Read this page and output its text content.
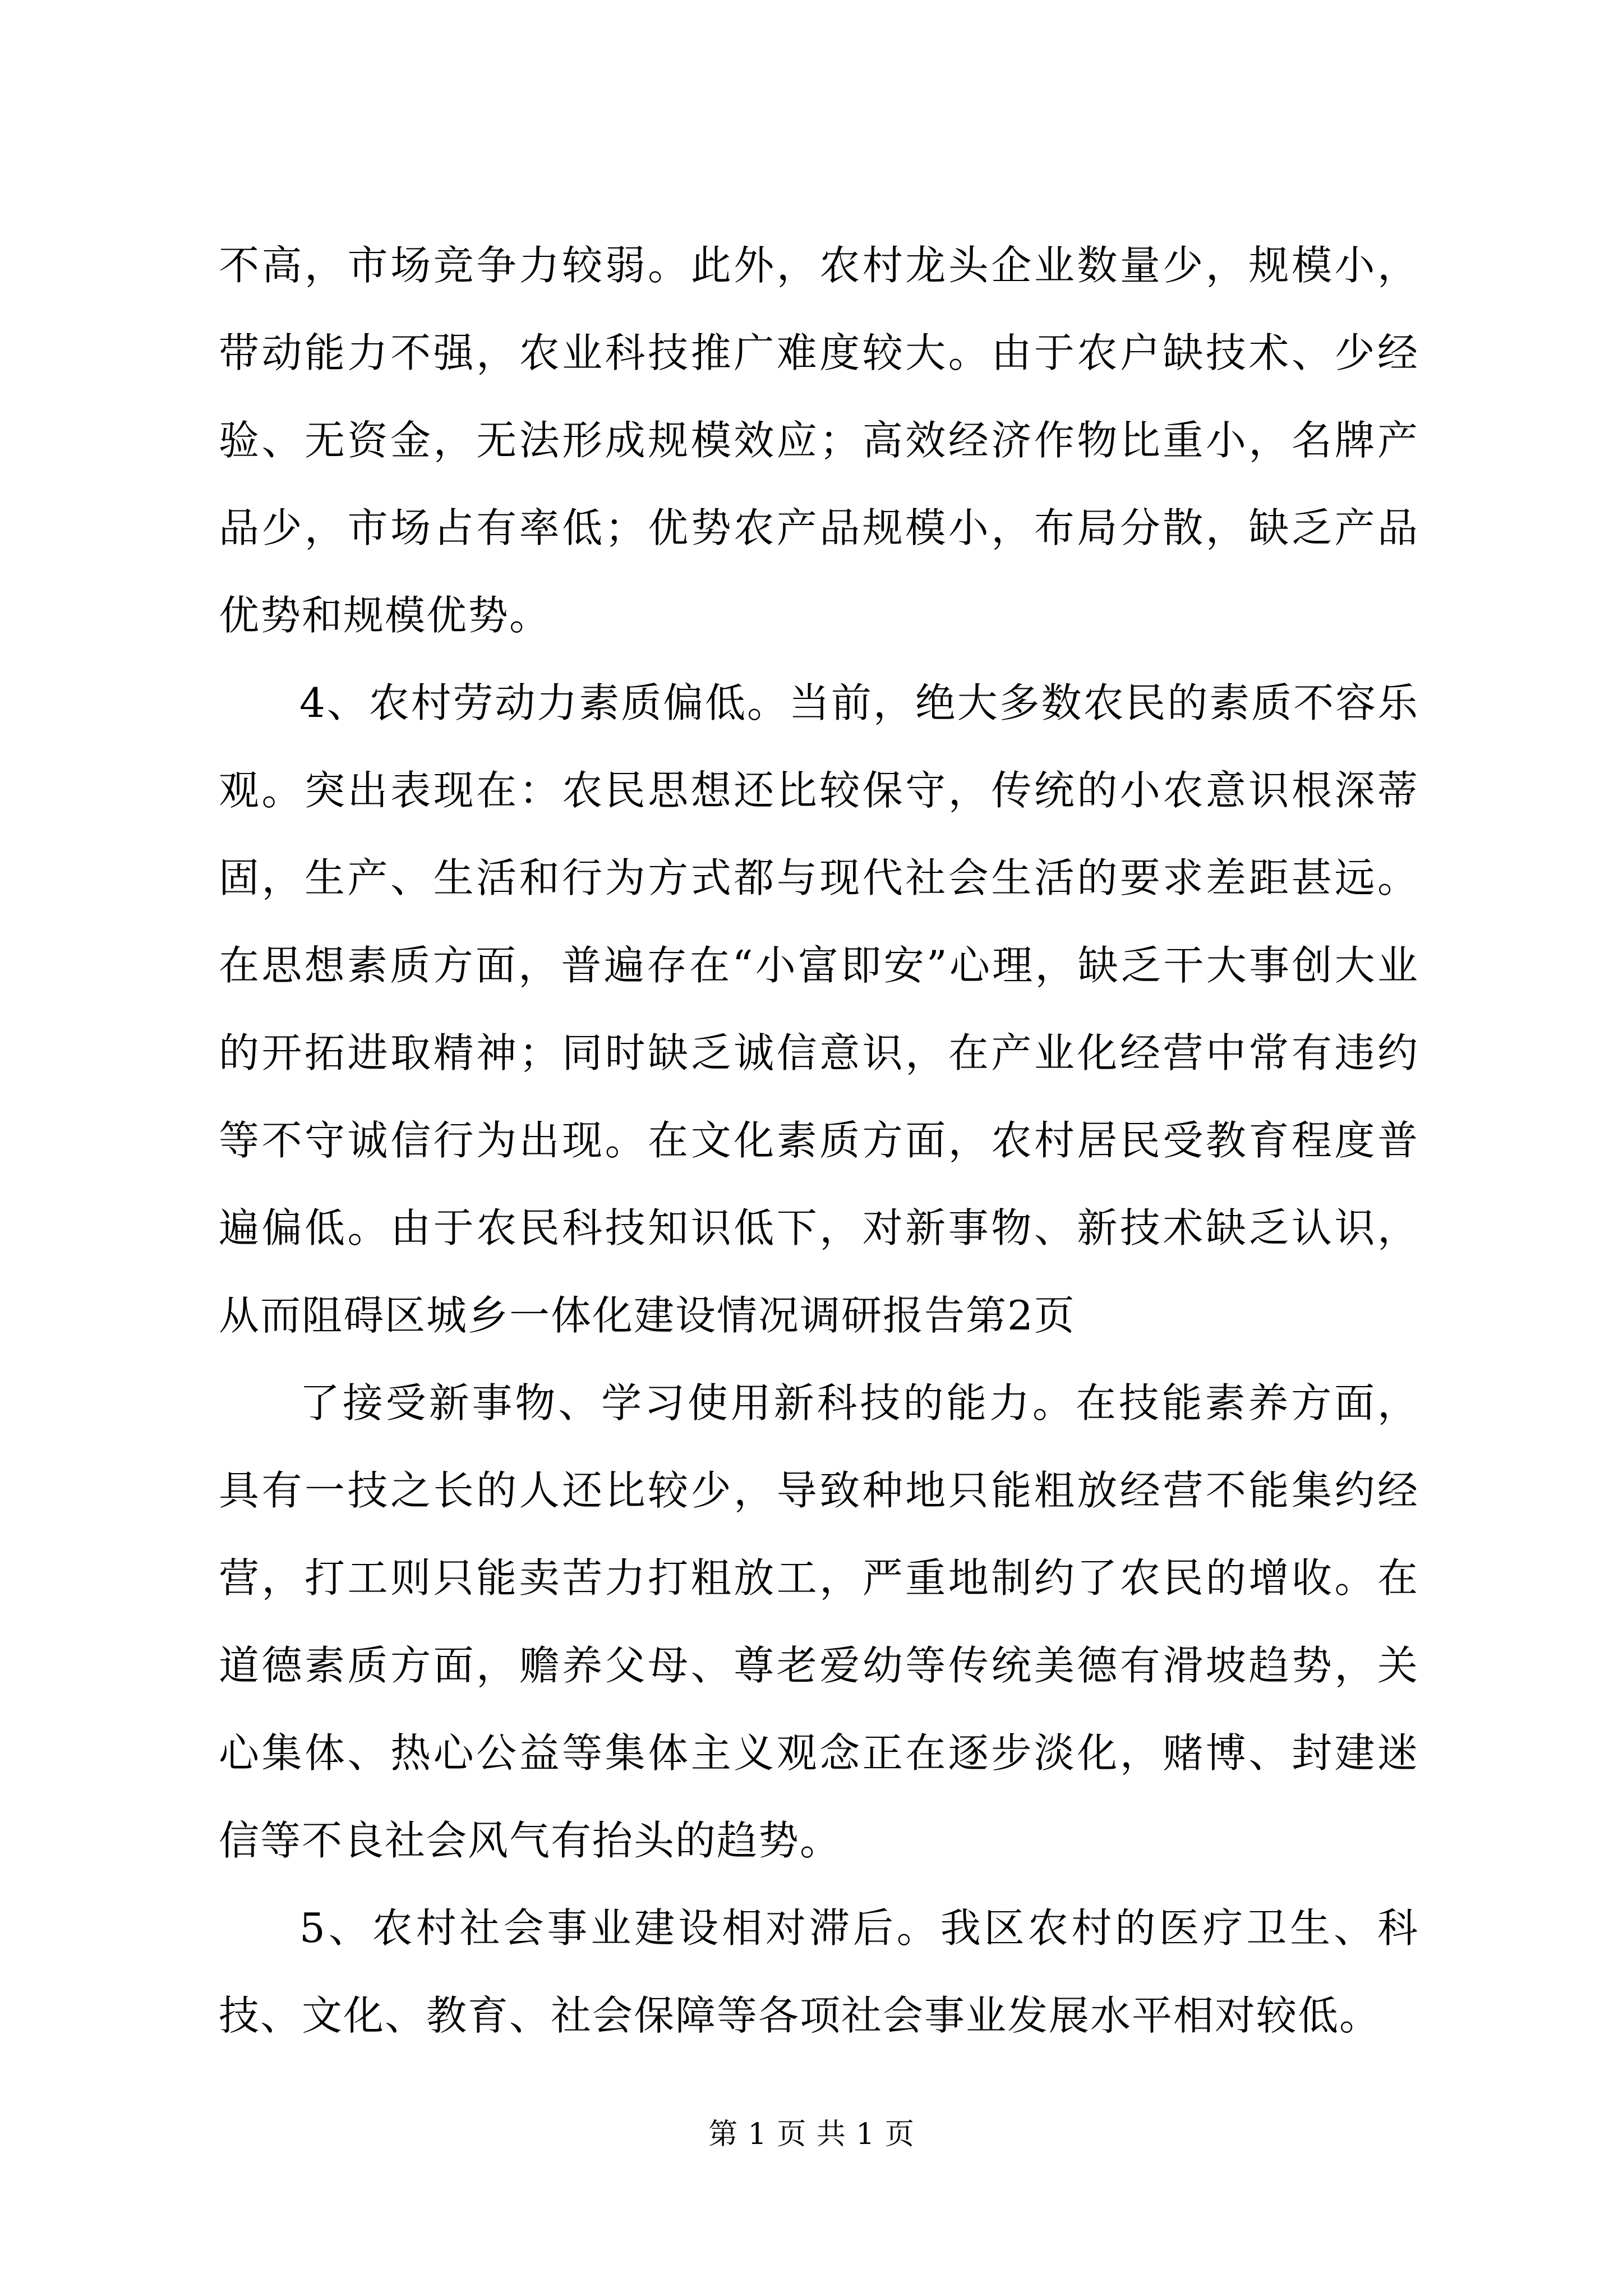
不高，市场竞争力较弱。此外，农村龙头企业数量少，规模小，带动能力不强，农业科技推广难度较大。由于农户缺技术、少经验、无资金，无法形成规模效应；高效经济作物比重小，名牌产品少，市场占有率低；优势农产品规模小，布局分散，缺乏产品优势和规模优势。

4、农村劳动力素质偏低。当前，绝大多数农民的素质不容乐观。突出表现在：农民思想还比较保守，传统的小农意识根深蒂固，生产、生活和行为方式都与现代社会生活的要求差距甚远。在思想素质方面，普遍存在“小富即安”心理，缺乏干大事创大业的开拓进取精神；同时缺乏诚信意识，在产业化经营中常有违约等不守诚信行为出现。在文化素质方面，农村居民受教育程度普遍偏低。由于农民科技知识低下，对新事物、新技术缺乏认识，从而阻碍区城乡一体化建设情况调研报告第2页

了接受新事物、学习使用新科技的能力。在技能素养方面，具有一技之长的人还比较少，导致种地只能粗放经营不能集约经营，打工则只能卖苦力打粗放工，严重地制约了农民的增收。在道德素质方面，赡养父母、尊老爱幼等传统美德有滑坡趋势，关心集体、热心公益等集体主义观念正在逐步淡化，赌博、封建迷信等不良社会风气有抬头的趋势。

5、农村社会事业建设相对滞后。我区农村的医疗卫生、科技、文化、教育、社会保障等各项社会事业发展水平相对较低。

第 1 页 共 1 页
